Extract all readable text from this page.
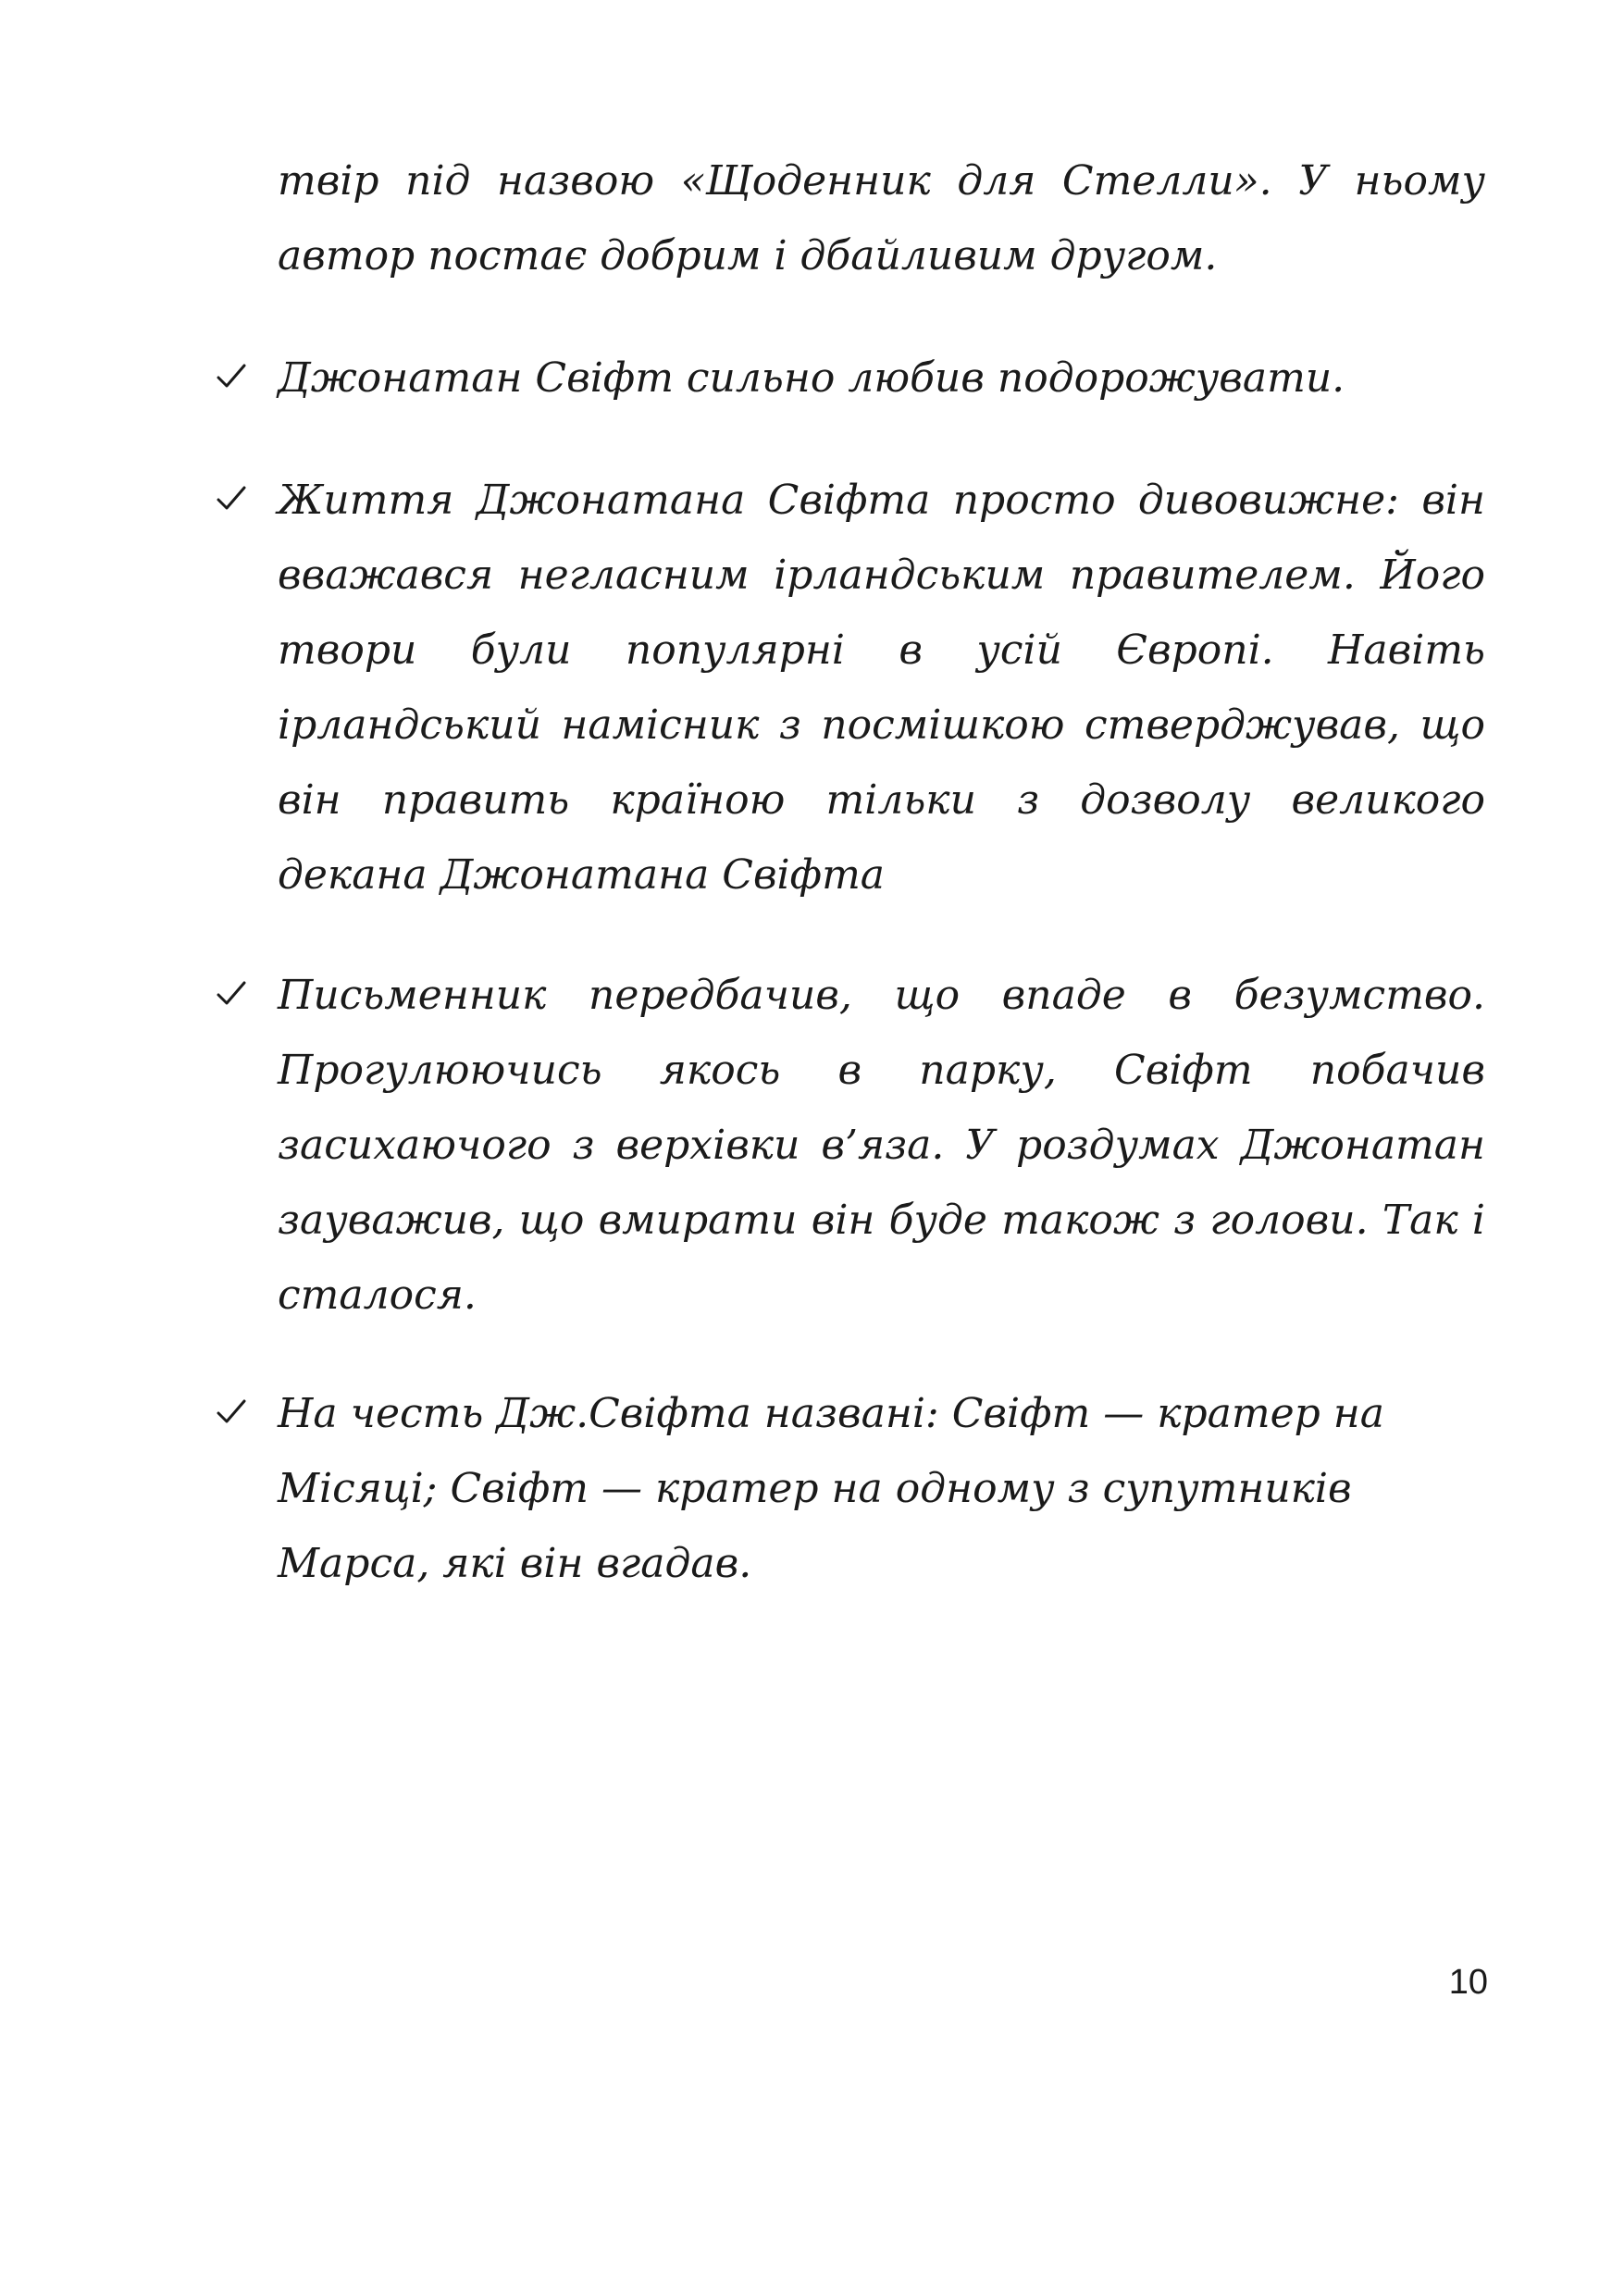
твір під назвою «Щоденник для Стелли». У ньому
автор постає добрим і дбайливим другом.
Джонатан Свіфт сильно любив подорожувати.
Життя Джонатана Свіфта просто дивовижне: він
вважався негласним ірландським правителем. Його
твори були популярні в усій Європі. Навіть
ірландський намісник з посмішкою стверджував, що
він править країною тільки з дозволу великого
декана Джонатана Свіфта
Письменник передбачив, що впаде в безумство.
Прогулюючись якось в парку, Свіфт побачив
засихаючого з верхівки в’яза. У роздумах Джонатан
зауважив, що вмирати він буде також з голови. Так і
сталося.
На честь Дж.Свіфта названі: Свіфт — кратер на
Місяці; Свіфт — кратер на одному з супутників
Марса, які він вгадав.
10
